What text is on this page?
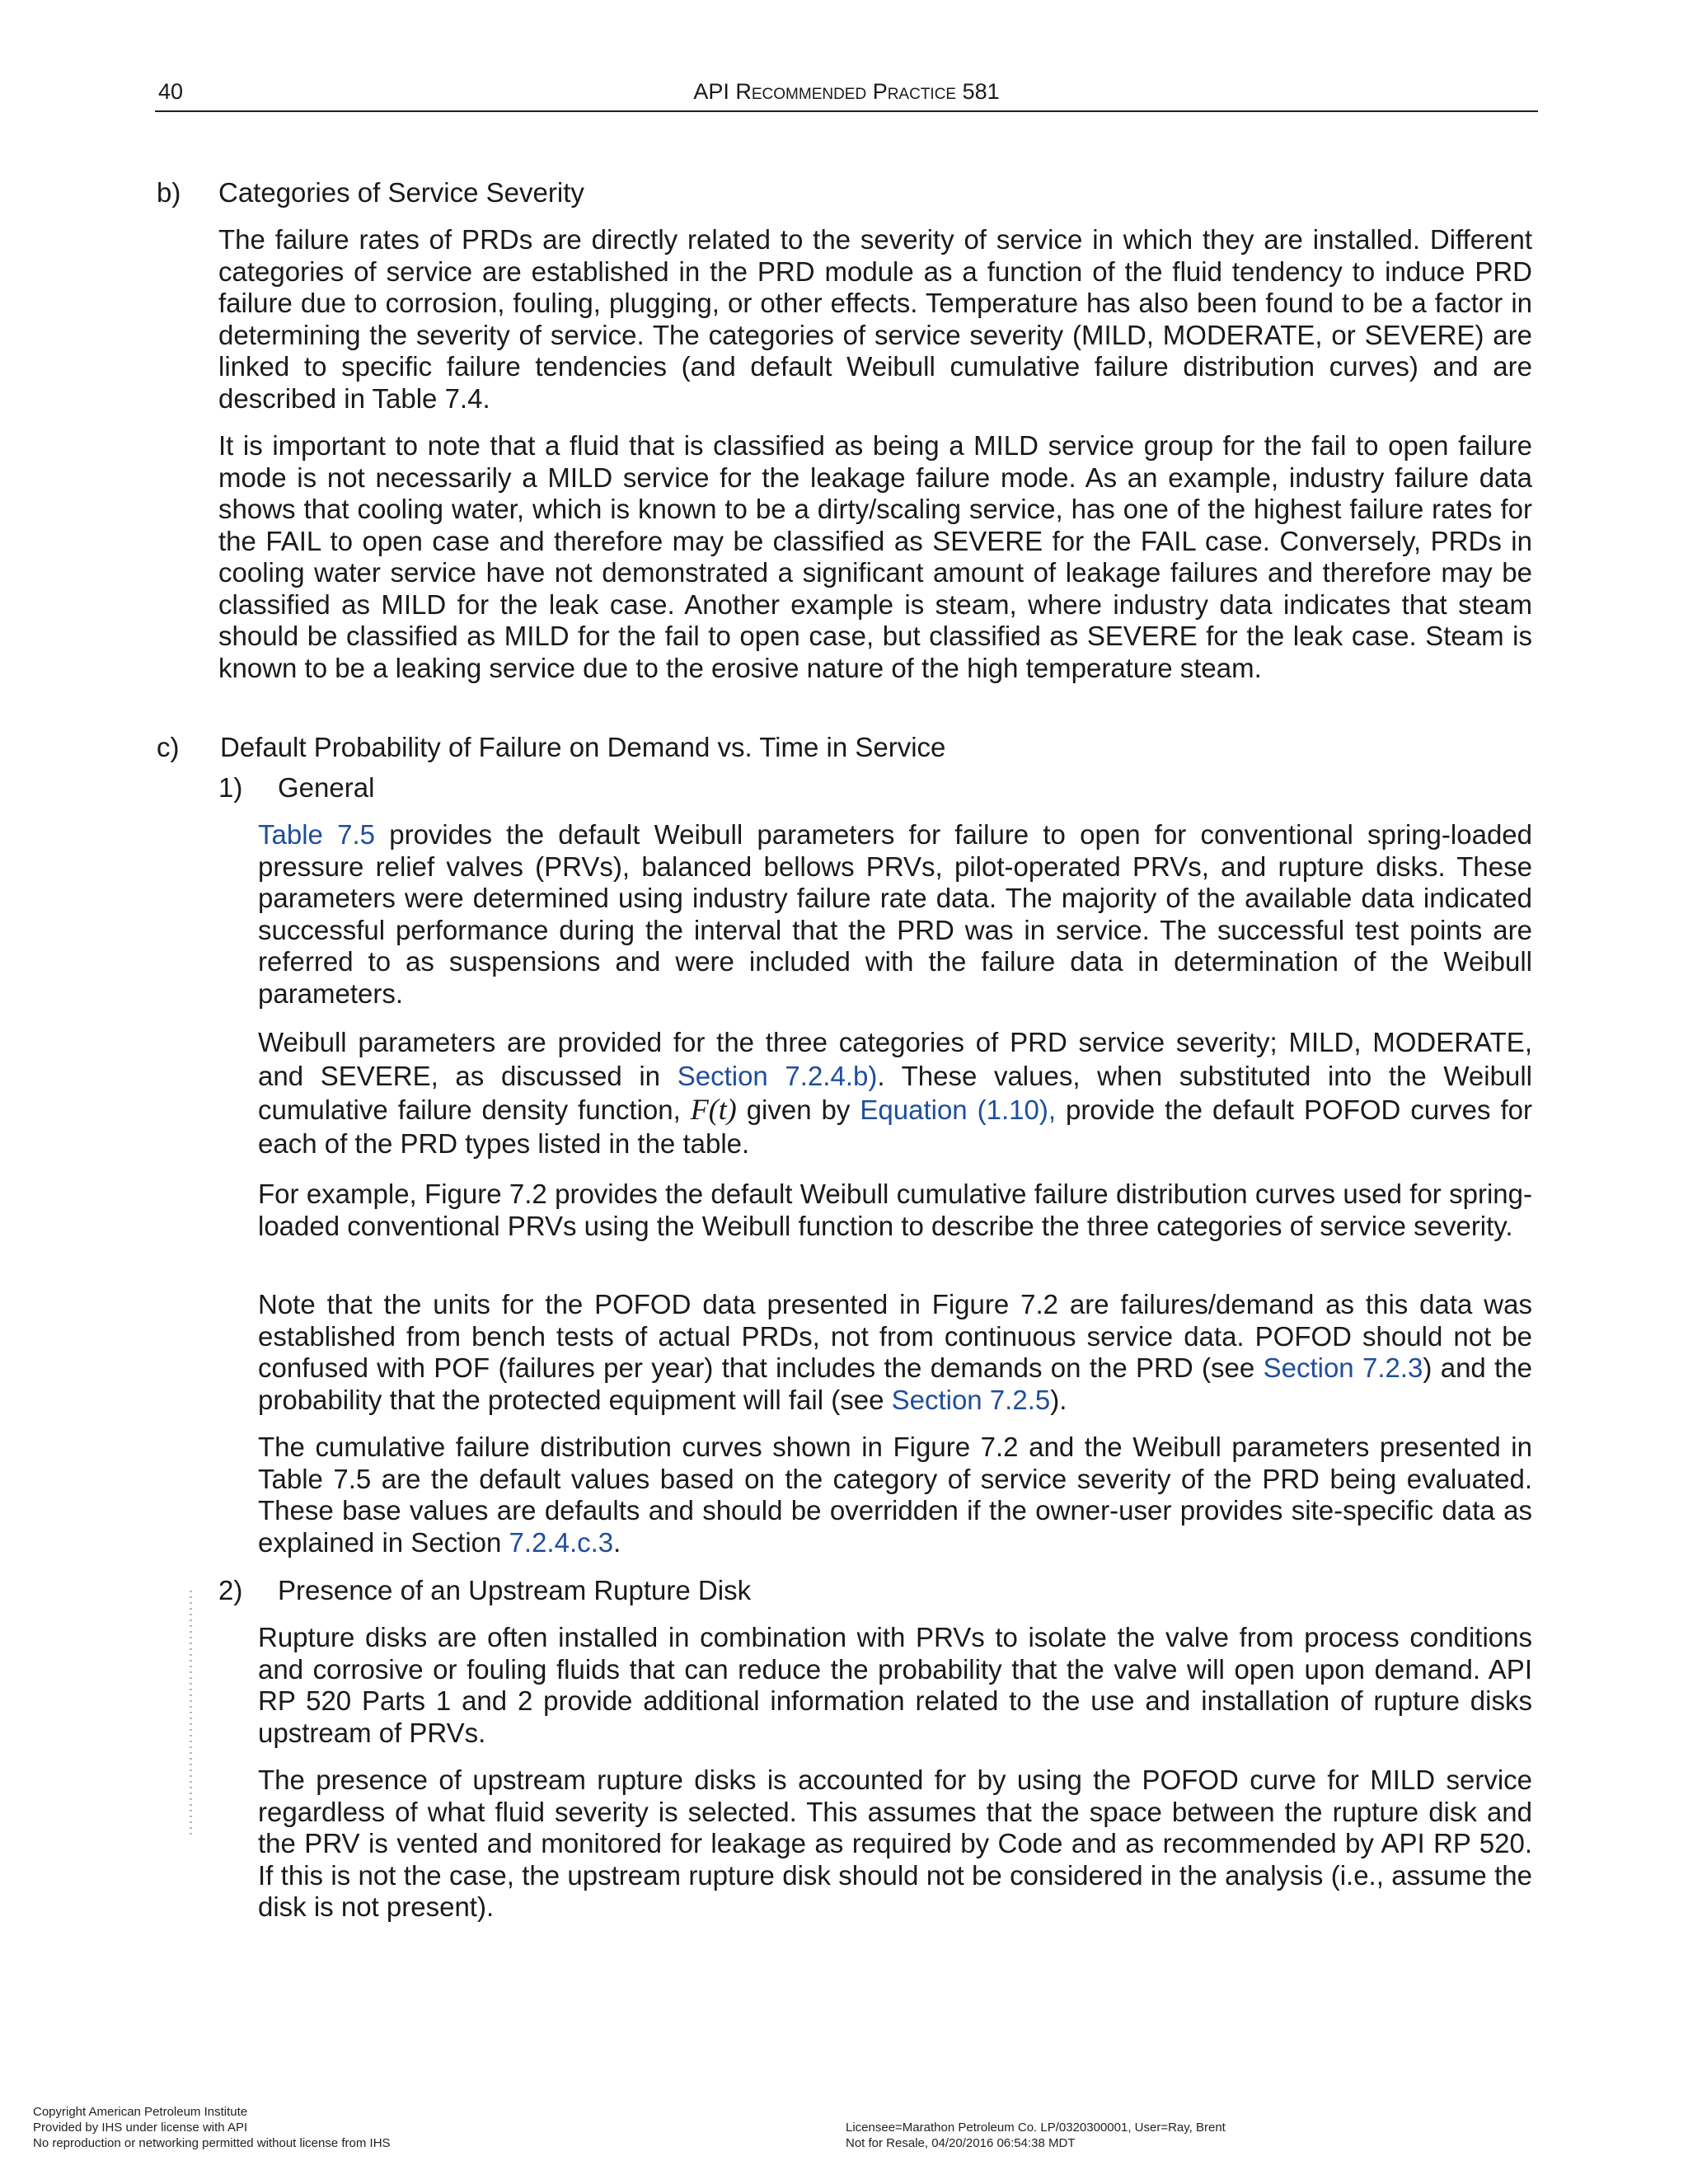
40	API Recommended Practice 581
b) Categories of Service Severity
The failure rates of PRDs are directly related to the severity of service in which they are installed. Different categories of service are established in the PRD module as a function of the fluid tendency to induce PRD failure due to corrosion, fouling, plugging, or other effects. Temperature has also been found to be a factor in determining the severity of service. The categories of service severity (MILD, MODERATE, or SEVERE) are linked to specific failure tendencies (and default Weibull cumulative failure distribution curves) and are described in Table 7.4.
It is important to note that a fluid that is classified as being a MILD service group for the fail to open failure mode is not necessarily a MILD service for the leakage failure mode. As an example, industry failure data shows that cooling water, which is known to be a dirty/scaling service, has one of the highest failure rates for the FAIL to open case and therefore may be classified as SEVERE for the FAIL case. Conversely, PRDs in cooling water service have not demonstrated a significant amount of leakage failures and therefore may be classified as MILD for the leak case. Another example is steam, where industry data indicates that steam should be classified as MILD for the fail to open case, but classified as SEVERE for the leak case. Steam is known to be a leaking service due to the erosive nature of the high temperature steam.
c) Default Probability of Failure on Demand vs. Time in Service
1) General
Table 7.5 provides the default Weibull parameters for failure to open for conventional spring-loaded pressure relief valves (PRVs), balanced bellows PRVs, pilot-operated PRVs, and rupture disks. These parameters were determined using industry failure rate data. The majority of the available data indicated successful performance during the interval that the PRD was in service. The successful test points are referred to as suspensions and were included with the failure data in determination of the Weibull parameters.
Weibull parameters are provided for the three categories of PRD service severity; MILD, MODERATE, and SEVERE, as discussed in Section 7.2.4.b). These values, when substituted into the Weibull cumulative failure density function, F(t) given by Equation (1.10), provide the default POFOD curves for each of the PRD types listed in the table.
For example, Figure 7.2 provides the default Weibull cumulative failure distribution curves used for spring-loaded conventional PRVs using the Weibull function to describe the three categories of service severity.
Note that the units for the POFOD data presented in Figure 7.2 are failures/demand as this data was established from bench tests of actual PRDs, not from continuous service data. POFOD should not be confused with POF (failures per year) that includes the demands on the PRD (see Section 7.2.3) and the probability that the protected equipment will fail (see Section 7.2.5).
The cumulative failure distribution curves shown in Figure 7.2 and the Weibull parameters presented in Table 7.5 are the default values based on the category of service severity of the PRD being evaluated. These base values are defaults and should be overridden if the owner-user provides site-specific data as explained in Section 7.2.4.c.3.
2) Presence of an Upstream Rupture Disk
Rupture disks are often installed in combination with PRVs to isolate the valve from process conditions and corrosive or fouling fluids that can reduce the probability that the valve will open upon demand. API RP 520 Parts 1 and 2 provide additional information related to the use and installation of rupture disks upstream of PRVs.
The presence of upstream rupture disks is accounted for by using the POFOD curve for MILD service regardless of what fluid severity is selected. This assumes that the space between the rupture disk and the PRV is vented and monitored for leakage as required by Code and as recommended by API RP 520. If this is not the case, the upstream rupture disk should not be considered in the analysis (i.e., assume the disk is not present).
Copyright American Petroleum Institute
Provided by IHS under license with API
No reproduction or networking permitted without license from IHS
Licensee=Marathon Petroleum Co. LP/0320300001, User=Ray, Brent
Not for Resale, 04/20/2016 06:54:38 MDT
